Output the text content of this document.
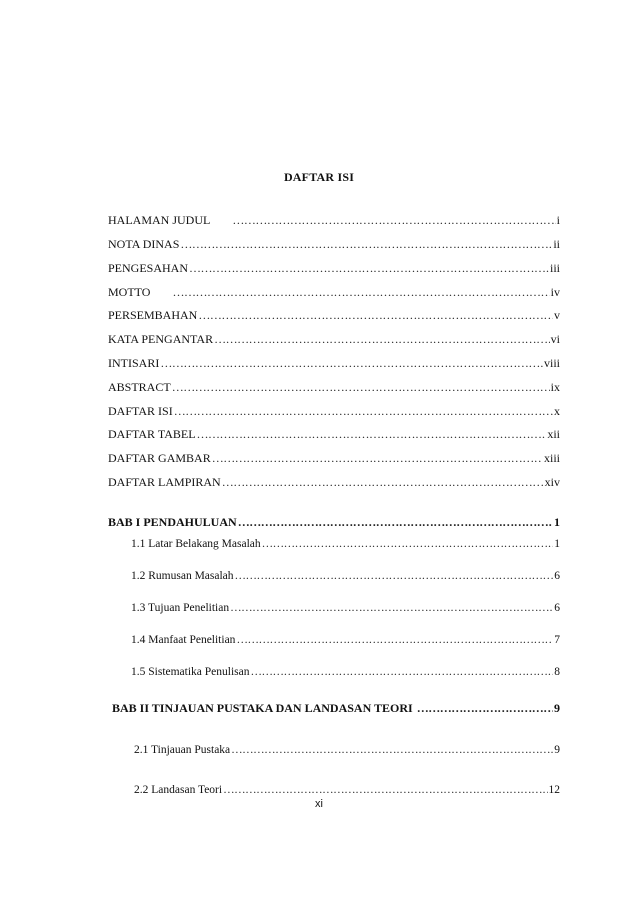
DAFTAR ISI
HALAMAN JUDUL ……………………………………………………………………………………………………………………………………………………	i
NOTA DINAS ……………………………………………………………………………………………………………………………………………………	ii
PENGESAHAN ……………………………………………………………………………………………………………………………………………………	iii
MOTTO ……………………………………………………………………………………………………………………………………………………	iv
PERSEMBAHAN ……………………………………………………………………………………………………………………………………………………	v
KATA PENGANTAR ……………………………………………………………………………………………………………………………………………………	vi
INTISARI ……………………………………………………………………………………………………………………………………………………	viii
ABSTRACT ……………………………………………………………………………………………………………………………………………………	ix
DAFTAR ISI ……………………………………………………………………………………………………………………………………………………	x
DAFTAR TABEL ……………………………………………………………………………………………………………………………………………………	xii
DAFTAR GAMBAR ……………………………………………………………………………………………………………………………………………………	xiii
DAFTAR LAMPIRAN ……………………………………………………………………………………………………………………………………………………	xiv
BAB I PENDAHULUAN ……………………………………………………………………………………………………………………………………………………	1
1.1 Latar Belakang Masalah ……………………………………………………………………………………………………………………………………………………	1
1.2 Rumusan Masalah ……………………………………………………………………………………………………………………………………………………	6
1.3 Tujuan Penelitian ……………………………………………………………………………………………………………………………………………………	6
1.4 Manfaat Penelitian ……………………………………………………………………………………………………………………………………………………	7
1.5 Sistematika Penulisan ……………………………………………………………………………………………………………………………………………………	8
BAB II TINJAUAN PUSTAKA DAN LANDASAN TEORI ……………………………………………………………………………………………………………………………………………………	9
2.1 Tinjauan Pustaka ……………………………………………………………………………………………………………………………………………………	9
2.2 Landasan Teori ……………………………………………………………………………………………………………………………………………………	12
xi
